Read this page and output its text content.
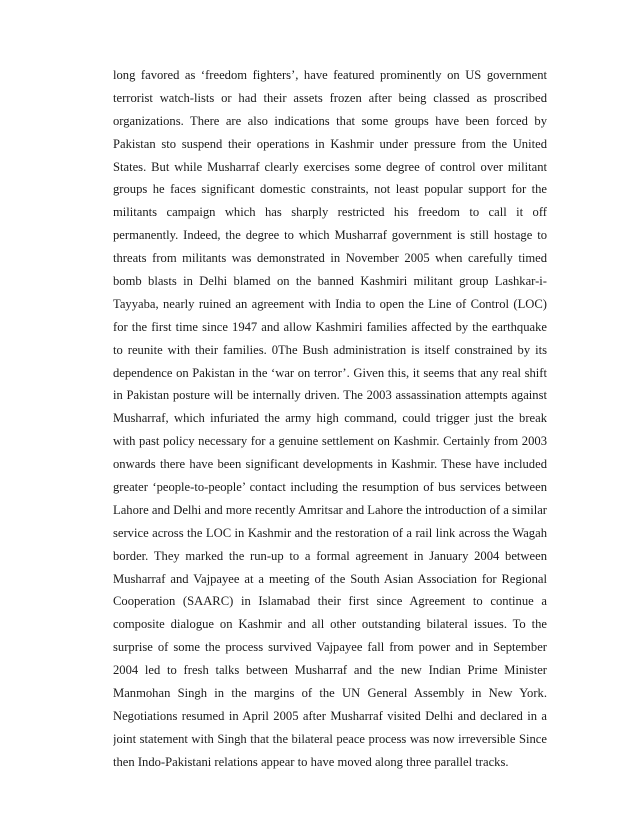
long favored as ‘freedom fighters’, have featured prominently on US government
terrorist watch-lists or had their assets frozen after being classed as proscribed
organizations. There are also indications that some groups have been forced by
Pakistan sto suspend their operations in Kashmir under pressure from the United
States. But while Musharraf clearly exercises some degree of control over militant
groups he faces significant domestic constraints, not least popular support for the
militants campaign which has sharply restricted his freedom to call it off
permanently. Indeed, the degree to which Musharraf government is still hostage to
threats from militants was demonstrated in November 2005 when carefully timed
bomb blasts in Delhi blamed on the banned Kashmiri militant group Lashkar-i-
Tayyaba, nearly ruined an agreement with India to open the Line of Control (LOC)
for the first time since 1947 and allow Kashmiri families affected by the earthquake
to reunite with their families. 0The Bush administration is itself constrained by its
dependence on Pakistan in the ‘war on terror’. Given this, it seems that any real shift
in Pakistan posture will be internally driven. The 2003 assassination attempts against
Musharraf, which infuriated the army high command, could trigger just the break
with past policy necessary for a genuine settlement on Kashmir. Certainly from 2003
onwards there have been significant developments in Kashmir. These have included
greater ‘people-to-people’ contact including the resumption of bus services between
Lahore and Delhi and more recently Amritsar and Lahore the introduction of a similar
service across the LOC in Kashmir and the restoration of a rail link across the Wagah
border. They marked the run-up to a formal agreement in January 2004 between
Musharraf and Vajpayee at a meeting of the South Asian Association for Regional
Cooperation (SAARC) in Islamabad their first since Agreement to continue a
composite dialogue on Kashmir and all other outstanding bilateral issues. To the
surprise of some the process survived Vajpayee fall from power and in September
2004 led to fresh talks between Musharraf and the new Indian Prime Minister
Manmohan Singh in the margins of the UN General Assembly in New York.
Negotiations resumed in April 2005 after Musharraf visited Delhi and declared in a
joint statement with Singh that the bilateral peace process was now irreversible Since
then Indo-Pakistani relations appear to have moved along three parallel tracks.
